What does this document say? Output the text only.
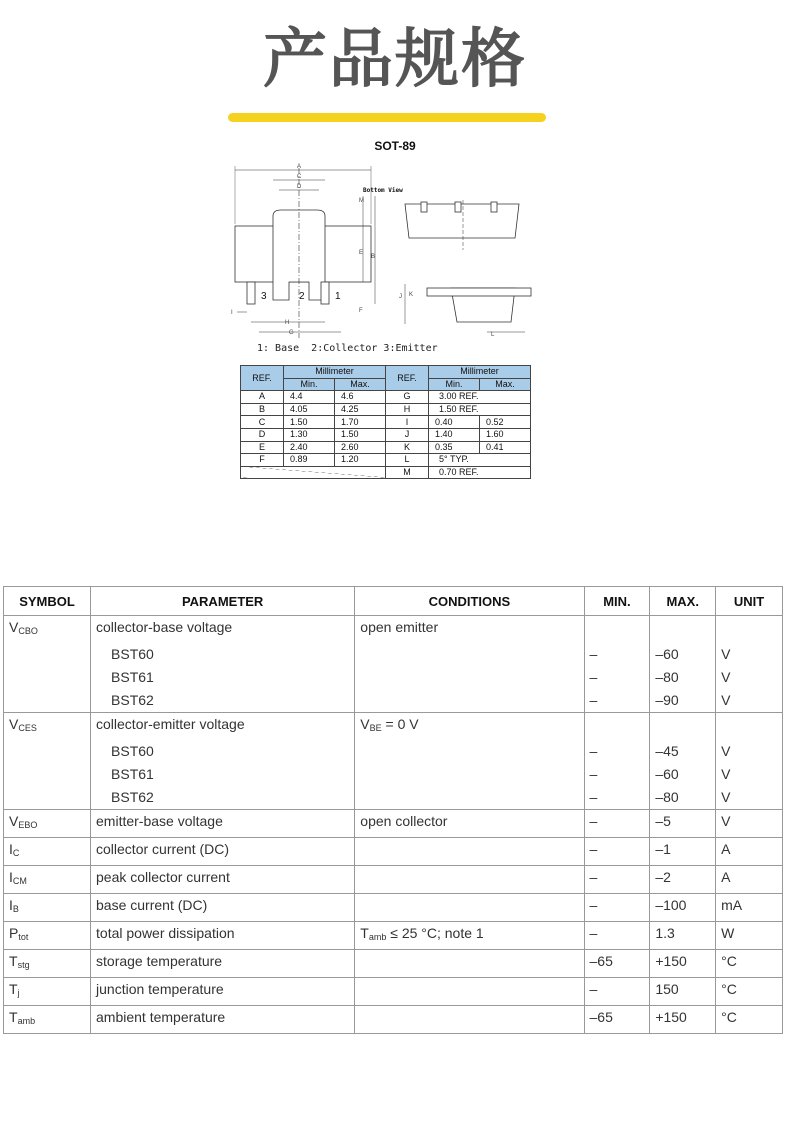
产品规格
SOT-89
A
C
D
M
E
B
F
I
H
G
J K
L
3	2	1
Bottom View
1: Base  2:Collector 3:Emitter
REF.	Millimeter		REF.	Millimeter	
	Min.	Max.		Min.	Max.
A	4.4	4.6	G	3.00 REF.	
B	4.05	4.25	H	1.50 REF.	
C	1.50	1.70	I	0.40	0.52
D	1.30	1.50	J	1.40	1.60
E	2.40	2.60	K	0.35	0.41
F	0.89	1.20	L	5° TYP.	
			M	0.70 REF.	
SYMBOL	PARAMETER	CONDITIONS	MIN.	MAX.	UNIT
$V_{CBO}$	collector-base voltage	open emitter			
	BST60		–	–60	V
	BST61		–	–80	V
	BST62		–	–90	V
$V_{CES}$	collector-emitter voltage	$V_{BE} = 0$ V			
	BST60		–	–45	V
	BST61		–	–60	V
	BST62		–	–80	V
$V_{EBO}$	emitter-base voltage	open collector	–	–5	V
$I_C$	collector current (DC)		–	–1	A
$I_{CM}$	peak collector current		–	–2	A
$I_B$	base current (DC)		–	–100	mA
$P_{tot}$	total power dissipation	$T_{amb} \le 25$ °C; note 1	–	1.3	W
$T_{stg}$	storage temperature		–65	+150	°C
$T_j$	junction temperature		–	150	°C
$T_{amb}$	ambient temperature		–65	+150	°C
